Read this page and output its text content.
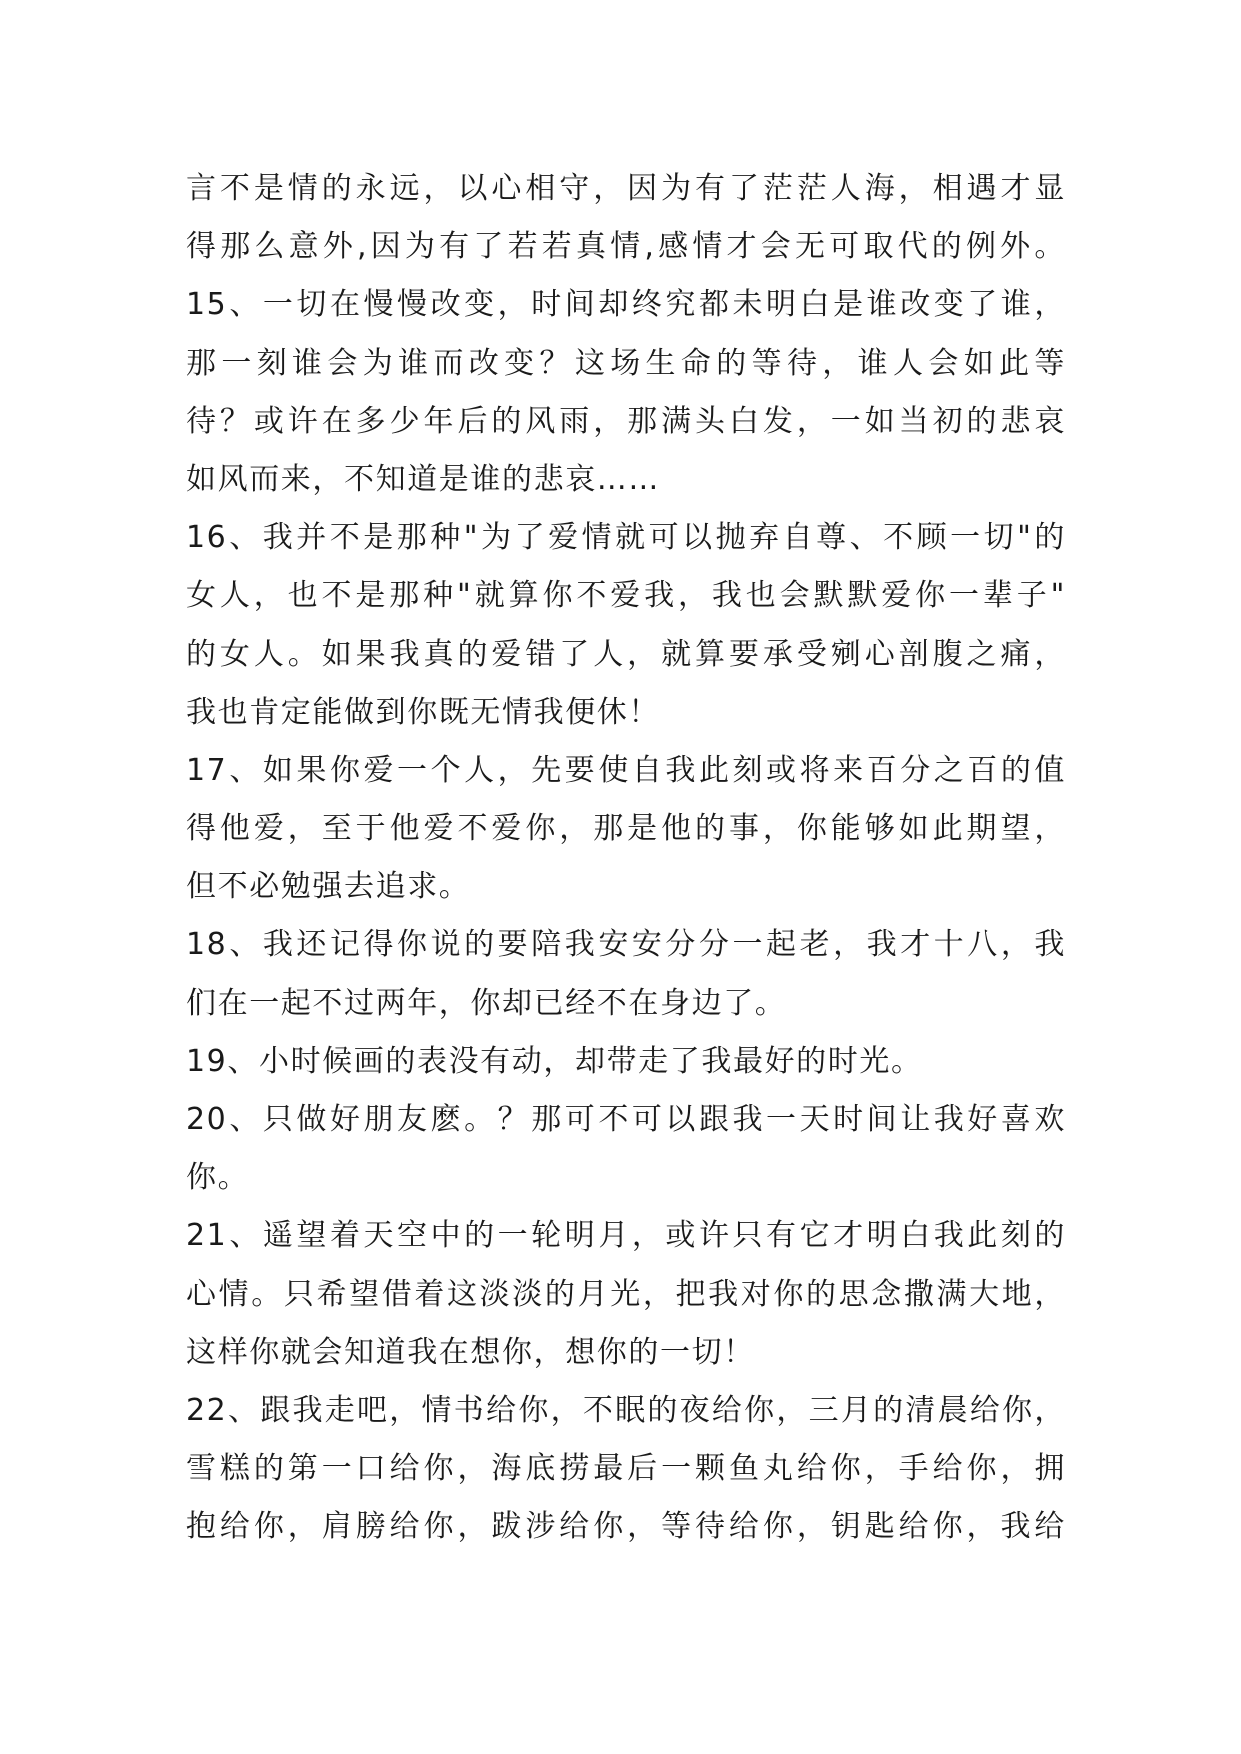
言不是情的永远，以心相守，因为有了茫茫人海，相遇才显
得那么意外,因为有了若若真情,感情才会无可取代的例外。
15、一切在慢慢改变，时间却终究都未明白是谁改变了谁，
那一刻谁会为谁而改变？这场生命的等待，谁人会如此等
待？或许在多少年后的风雨，那满头白发，一如当初的悲哀
如风而来，不知道是谁的悲哀……
16、我并不是那种"为了爱情就可以抛弃自尊、不顾一切"的
女人，也不是那种"就算你不爱我，我也会默默爱你一辈子"
的女人。如果我真的爱错了人，就算要承受剜心剖腹之痛，
我也肯定能做到你既无情我便休！
17、如果你爱一个人，先要使自我此刻或将来百分之百的值
得他爱，至于他爱不爱你，那是他的事，你能够如此期望，
但不必勉强去追求。
18、我还记得你说的要陪我安安分分一起老，我才十八，我
们在一起不过两年，你却已经不在身边了。
19、小时候画的表没有动，却带走了我最好的时光。
20、只做好朋友麽。？那可不可以跟我一天时间让我好喜欢
你。
21、遥望着天空中的一轮明月，或许只有它才明白我此刻的
心情。只希望借着这淡淡的月光，把我对你的思念撒满大地，
这样你就会知道我在想你，想你的一切！
22、跟我走吧，情书给你，不眠的夜给你，三月的清晨给你，
雪糕的第一口给你，海底捞最后一颗鱼丸给你，手给你，拥
抱给你，肩膀给你，跋涉给你，等待给你，钥匙给你，我给
